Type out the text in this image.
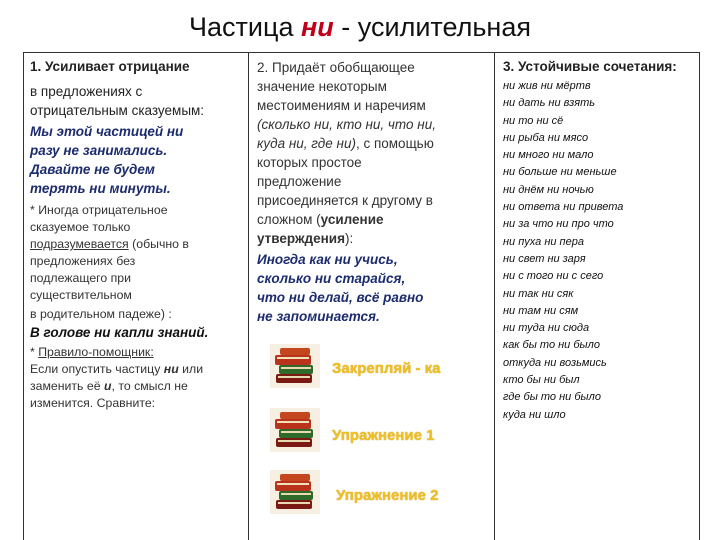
Частица ни - усилительная
1. Усиливает отрицание
в предложениях с
отрицательным сказуемым:
Мы этой частицей ни
разу не занимались.
Давайте не будем
терять ни минуты.
* Иногда отрицательное
сказуемое только
подразумевается (обычно в
предложениях без
подлежащего при
существительном
в родительном падеже) :
В голове ни капли знаний.
* Правило-помощник:
Если опустить частицу ни или
заменить её и, то смысл не
изменится. Сравните:
2. Придаёт обобщающее
значение некоторым
местоимениям и наречиям
(сколько ни, кто ни, что ни,
куда ни, где ни), с помощью
которых простое
предложение
присоединяется к другому в
сложном (усиление
утверждения):
Иногда как ни учись,
сколько ни старайся,
что ни делай, всё равно
не запоминается.
3. Устойчивые сочетания:
ни жив ни мёртв
ни дать ни взять
ни то ни сё
ни рыба ни мясо
ни много ни мало
ни больше ни меньше
ни днём ни ночью
ни ответа ни привета
ни за что ни про что
ни пуха ни пера
ни свет ни заря
ни с того ни с сего
ни так ни сяк
ни там ни сям
ни туда ни сюда
как бы то ни было
откуда ни возьмись
кто бы ни был
где бы то ни было
куда ни шло
Закрепляй - ка
Упражнение 1
Упражнение 2
